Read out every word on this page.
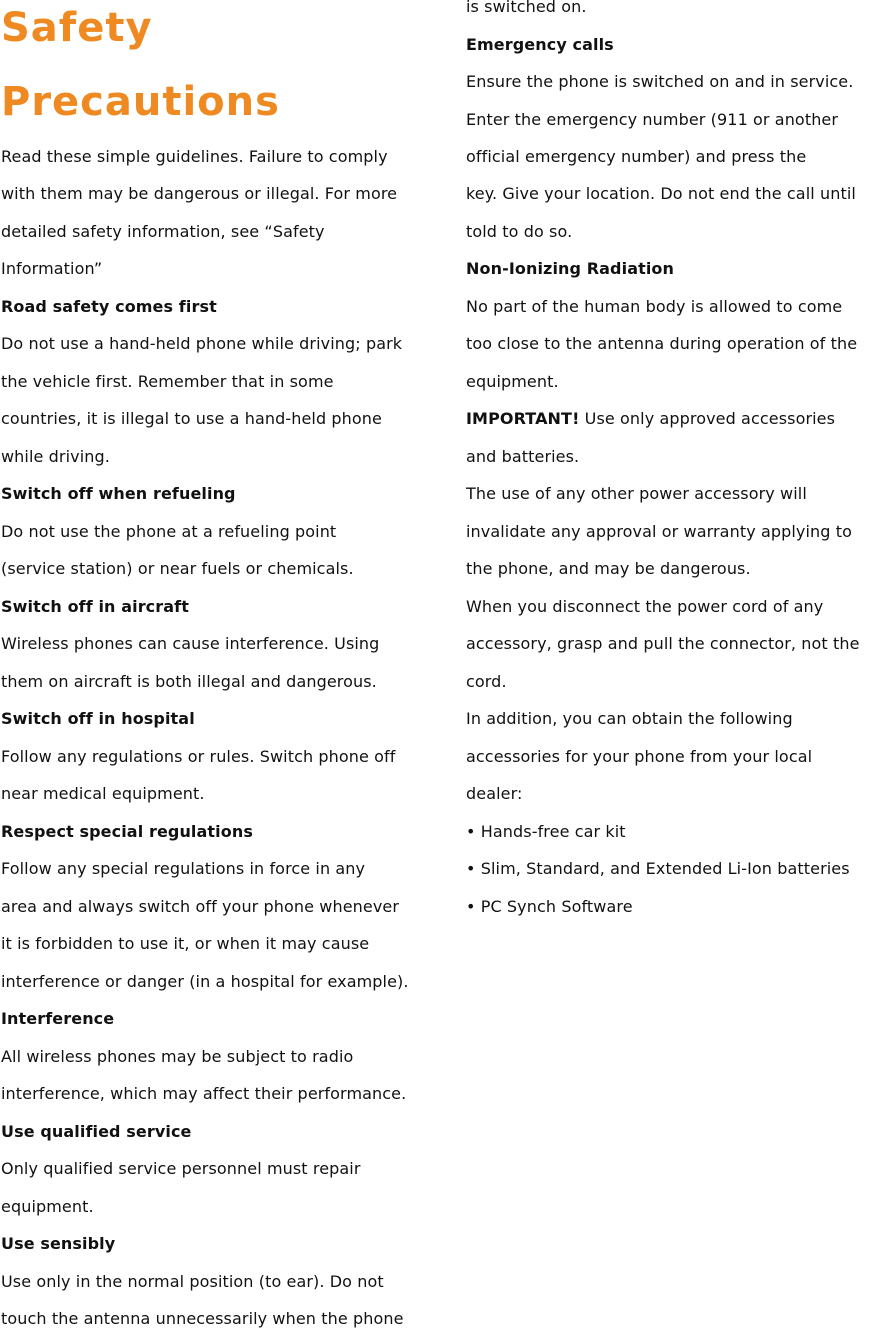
Safety
Precautions
Read these simple guidelines. Failure to comply
with them may be dangerous or illegal. For more
detailed safety information, see “Safety
Information”
Road safety comes first
Do not use a hand-held phone while driving; park
the vehicle first. Remember that in some
countries, it is illegal to use a hand-held phone
while driving.
Switch off when refueling
Do not use the phone at a refueling point
(service station) or near fuels or chemicals.
Switch off in aircraft
Wireless phones can cause interference. Using
them on aircraft is both illegal and dangerous.
Switch off in hospital
Follow any regulations or rules. Switch phone off
near medical equipment.
Respect special regulations
Follow any special regulations in force in any
area and always switch off your phone whenever
it is forbidden to use it, or when it may cause
interference or danger (in a hospital for example).
Interference
All wireless phones may be subject to radio
interference, which may affect their performance.
Use qualified service
Only qualified service personnel must repair
equipment.
Use sensibly
Use only in the normal position (to ear). Do not
touch the antenna unnecessarily when the phone
is switched on.
Emergency calls
Ensure the phone is switched on and in service.
Enter the emergency number (911 or another
official emergency number) and press the
key. Give your location. Do not end the call until
told to do so.
Non-Ionizing Radiation
No part of the human body is allowed to come
too close to the antenna during operation of the
equipment.
IMPORTANT! Use only approved accessories
and batteries.
The use of any other power accessory will
invalidate any approval or warranty applying to
the phone, and may be dangerous.
When you disconnect the power cord of any
accessory, grasp and pull the connector, not the
cord.
In addition, you can obtain the following
accessories for your phone from your local
dealer:
• Hands-free car kit
• Slim, Standard, and Extended Li-Ion batteries
• PC Synch Software
